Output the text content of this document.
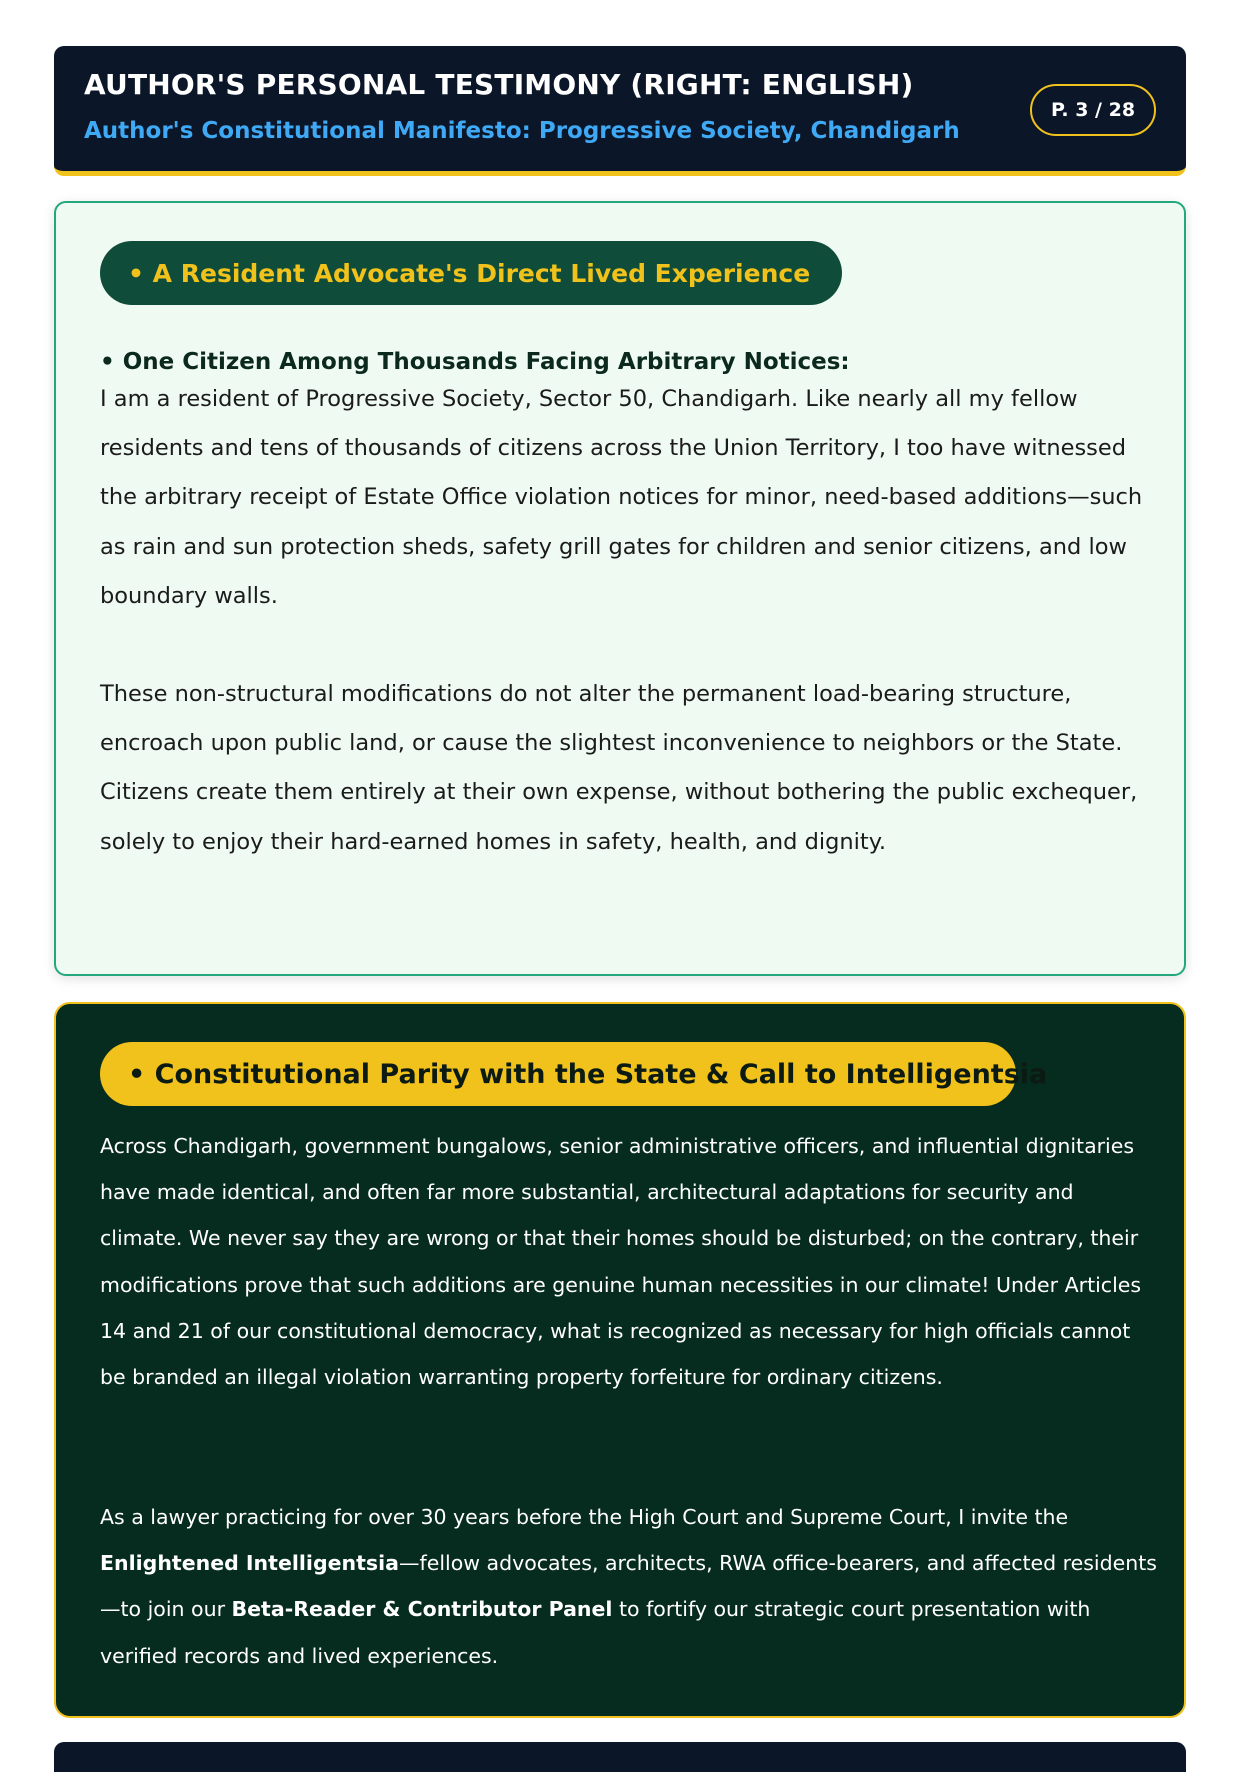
AUTHOR'S PERSONAL TESTIMONY (RIGHT: ENGLISH)
Author's Constitutional Manifesto: Progressive Society, Chandigarh
P. 3 / 28
• A Resident Advocate's Direct Lived Experience
• One Citizen Among Thousands Facing Arbitrary Notices:
I am a resident of Progressive Society, Sector 50, Chandigarh. Like nearly all my fellow residents and tens of thousands of citizens across the Union Territory, I too have witnessed the arbitrary receipt of Estate Office violation notices for minor, need-based additions—such as rain and sun protection sheds, safety grill gates for children and senior citizens, and low boundary walls.
These non-structural modifications do not alter the permanent load-bearing structure, encroach upon public land, or cause the slightest inconvenience to neighbors or the State. Citizens create them entirely at their own expense, without bothering the public exchequer, solely to enjoy their hard-earned homes in safety, health, and dignity.
• Constitutional Parity with the State & Call to Intelligentsia
Across Chandigarh, government bungalows, senior administrative officers, and influential dignitaries have made identical, and often far more substantial, architectural adaptations for security and climate. We never say they are wrong or that their homes should be disturbed; on the contrary, their modifications prove that such additions are genuine human necessities in our climate! Under Articles 14 and 21 of our constitutional democracy, what is recognized as necessary for high officials cannot be branded an illegal violation warranting property forfeiture for ordinary citizens.
As a lawyer practicing for over 30 years before the High Court and Supreme Court, I invite the Enlightened Intelligentsia—fellow advocates, architects, RWA office-bearers, and affected residents—to join our Beta-Reader & Contributor Panel to fortify our strategic court presentation with verified records and lived experiences.
